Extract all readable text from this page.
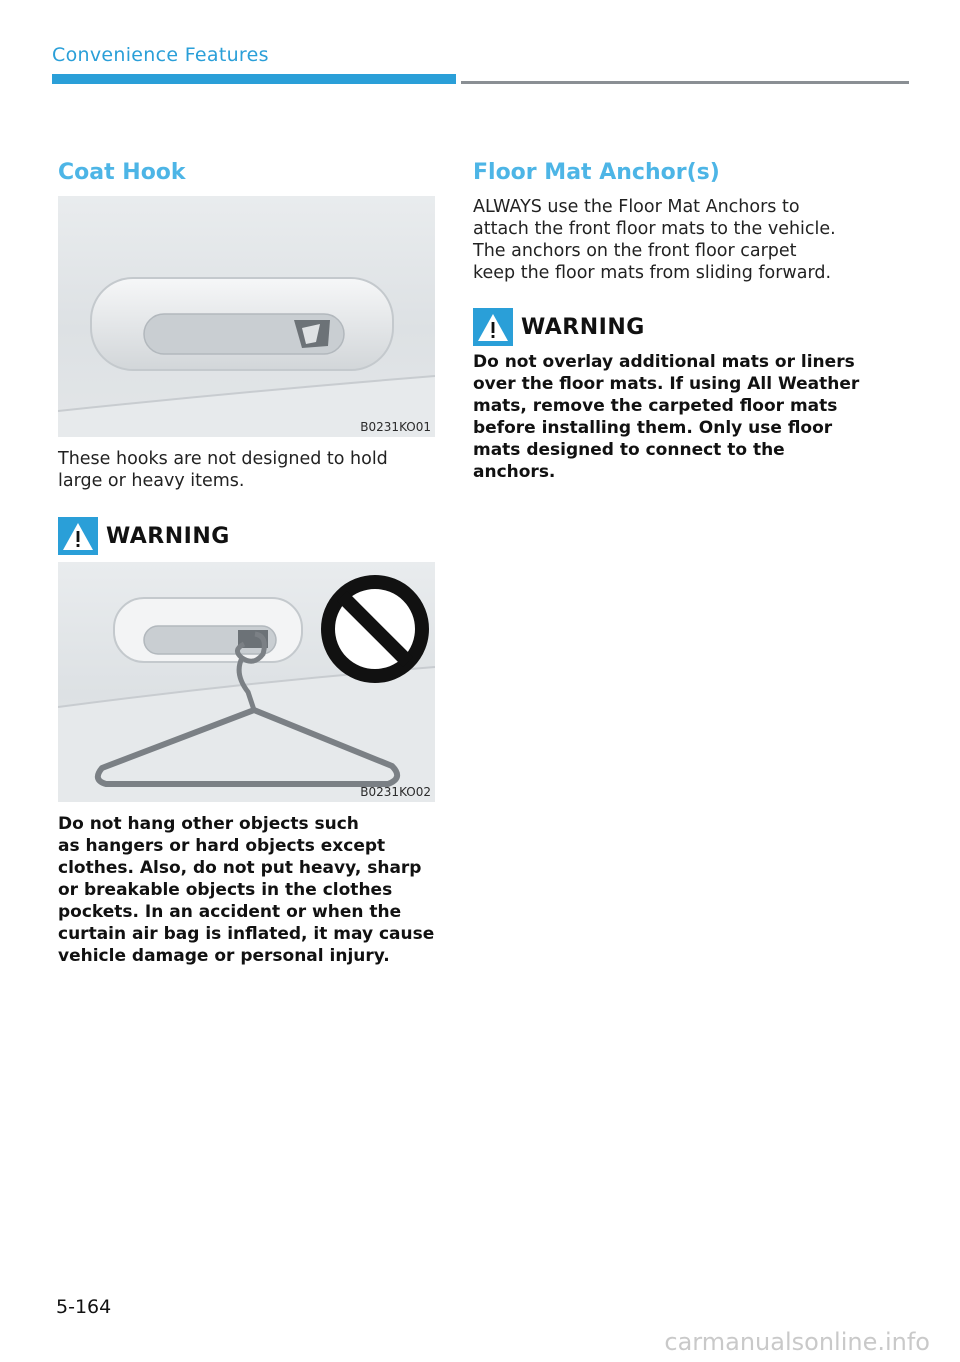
Convenience Features
Coat Hook
B0231KO01
These hooks are not designed to hold
large or heavy items.
WARNING
B0231KO02
Do not hang other objects such
as hangers or hard objects except
clothes. Also, do not put heavy, sharp
or breakable objects in the clothes
pockets. In an accident or when the
curtain air bag is inflated, it may cause
vehicle damage or personal injury.
Floor Mat Anchor(s)
ALWAYS use the Floor Mat Anchors to
attach the front floor mats to the vehicle.
The anchors on the front floor carpet
keep the floor mats from sliding forward.
WARNING
Do not overlay additional mats or liners
over the floor mats. If using All Weather
mats, remove the carpeted floor mats
before installing them. Only use floor
mats designed to connect to the
anchors.
5-164
carmanualsonline.info
